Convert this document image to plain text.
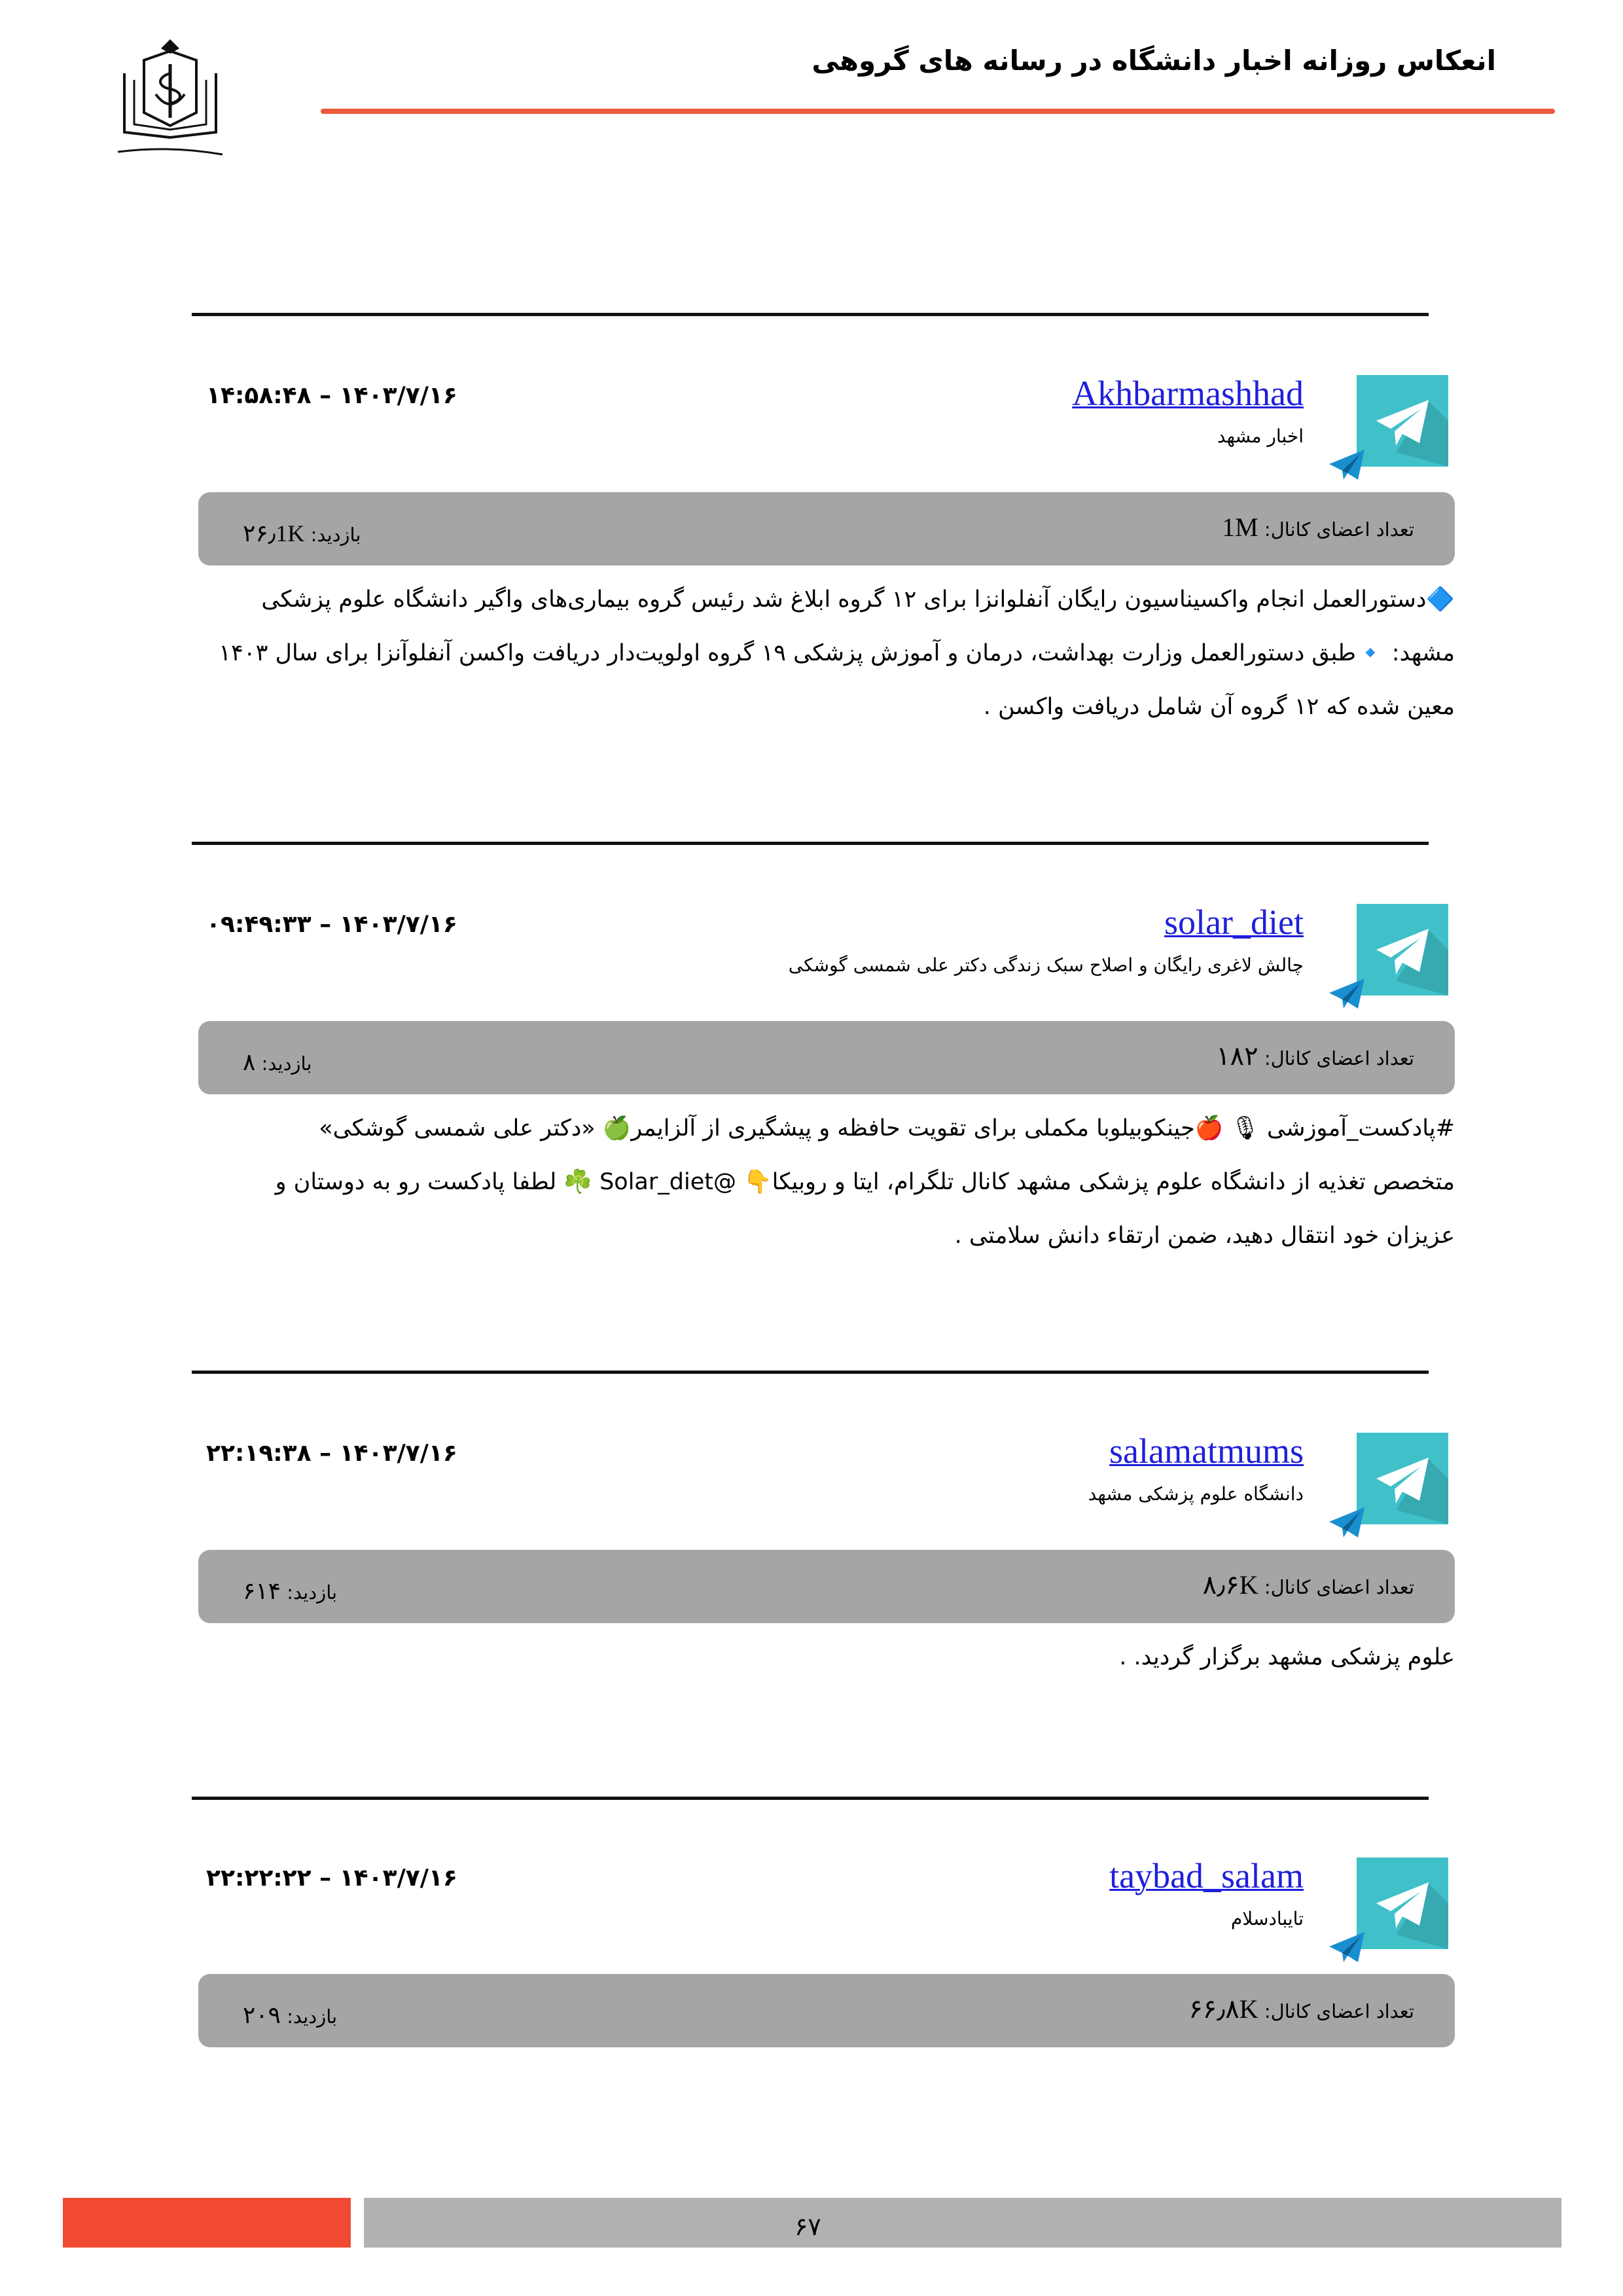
انعکاس روزانه اخبار دانشگاه در رسانه های گروهی
Akhbarmashhad
اخبار مشهد
۱۴:۵۸:۴۸ – ۱۴۰۳/۷/۱۶
تعداد اعضای کانال: 1M
بازدید: ۲۶٫1K
🔷دستورالعمل انجام واکسیناسیون رایگان آنفلوانزا برای ۱۲ گروه ابلاغ شد رئیس گروه بیماری‌های واگیر دانشگاه علوم پزشکی
مشهد: 🔹طبق دستورالعمل وزارت بهداشت، درمان و آموزش پزشکی ۱۹ گروه اولویت‌دار دریافت واکسن آنفلوآنزا برای سال ۱۴۰۳
معین شده که ۱۲ گروه آن شامل دریافت واکسن .
solar_diet
چالش لاغری رایگان و اصلاح سبک زندگی دکتر علی شمسی گوشکی
۰۹:۴۹:۳۳ – ۱۴۰۳/۷/۱۶
تعداد اعضای کانال: ۱۸۲
بازدید: ۸
#پادکست_آموزشی 🎙 🍎جینکوبیلوبا مکملی برای تقویت حافظه و پیشگیری از آلزایمر🍏 «دکتر علی شمسی گوشکی»
متخصص تغذیه از دانشگاه علوم پزشکی مشهد کانال تلگرام، ایتا و روبیکا👇 @Solar_diet ☘️ لطفا پادکست رو به دوستان و
عزیزان خود انتقال دهید، ضمن ارتقاء دانش سلامتی .
salamatmums
دانشگاه علوم پزشکی مشهد
۲۲:۱۹:۳۸ – ۱۴۰۳/۷/۱۶
تعداد اعضای کانال: ۸٫۶K
بازدید: ۶۱۴
علوم پزشکی مشهد برگزار گردید. .
taybad_salam
تایبادسلام
۲۲:۲۲:۲۲ – ۱۴۰۳/۷/۱۶
تعداد اعضای کانال: ۶۶٫۸K
بازدید: ۲۰۹
۶۷
